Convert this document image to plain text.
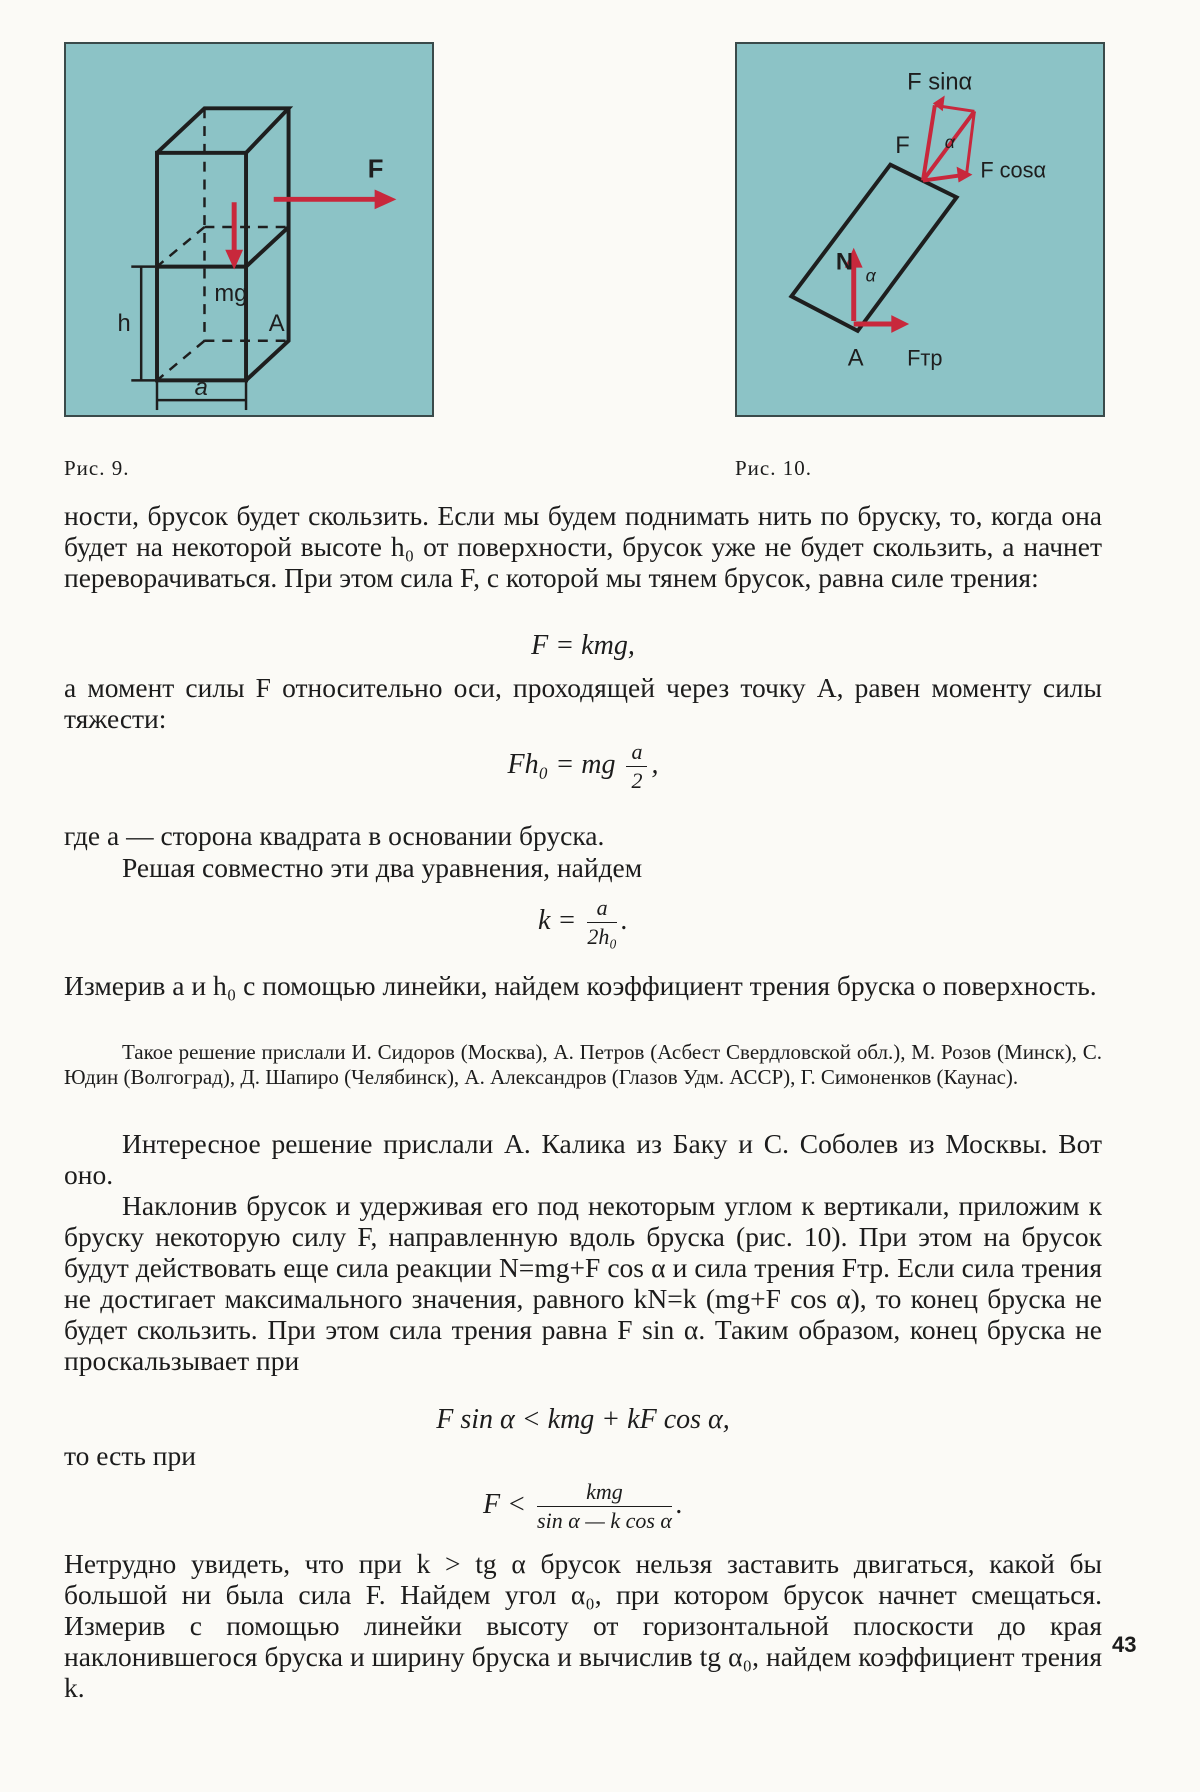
F
mg
h
a
A
F sinα
F α
F cosα
N α
A Fтр
Рис. 9.	Рис. 10.
ности, брусок будет скользить. Если мы будем поднимать нить по бруску, то, когда она будет на некоторой высоте h₀ от поверхности, брусок уже не будет скользить, а начнет переворачиваться. При этом сила F, с которой мы тянем брусок, равна силе трения:
F = kmg,
а момент силы F относительно оси, проходящей через точку A, равен моменту силы тяжести:
Fh₀ = mg $\frac{a}{2}$ ,
где a — сторона квадрата в основании бруска.
Решая совместно эти два уравнения, найдем
$k = \frac{a}{\text{2h₀}}$ .
Измерив a и h₀ с помощью линейки, найдем коэффициент трения бруска о поверхность.
Такое решение прислали И. Сидоров (Москва), А. Петров (Асбест Свердловской обл.), М. Розов (Минск), С. Юдин (Волгоград), Д. Шапиро (Челябинск), А. Александров (Глазов Удм. АССР), Г. Симоненков (Каунас).
Интересное решение прислали А. Калика из Баку и С. Соболев из Москвы. Вот оно.
Наклонив брусок и удерживая его под некоторым углом к вертикали, приложим к бруску некоторую силу F, направленную вдоль бруска (рис. 10). При этом на брусок будут действовать еще сила реакции N=mg+F cos α и сила трения Fтр. Если сила трения не достигает максимального значения, равного kN=k (mg+F cos α), то конец бруска не будет скользить. При этом сила трения равна F sin α. Таким образом, конец бруска не проскальзывает при
F sin α < kmg + kF cos α,
то есть при
$F < \frac{\text{kmg}}{\text{sin α — k cos α}}$ .
Нетрудно увидеть, что при k > tg α брусок нельзя заставить двигаться, какой бы большой ни была сила F. Найдем угол α₀, при котором брусок начнет смещаться. Измерив с помощью линейки высоту от горизонтальной плоскости до края наклонившегося бруска и ширину бруска и вычислив tg α₀, найдем коэффициент трения k.
43
